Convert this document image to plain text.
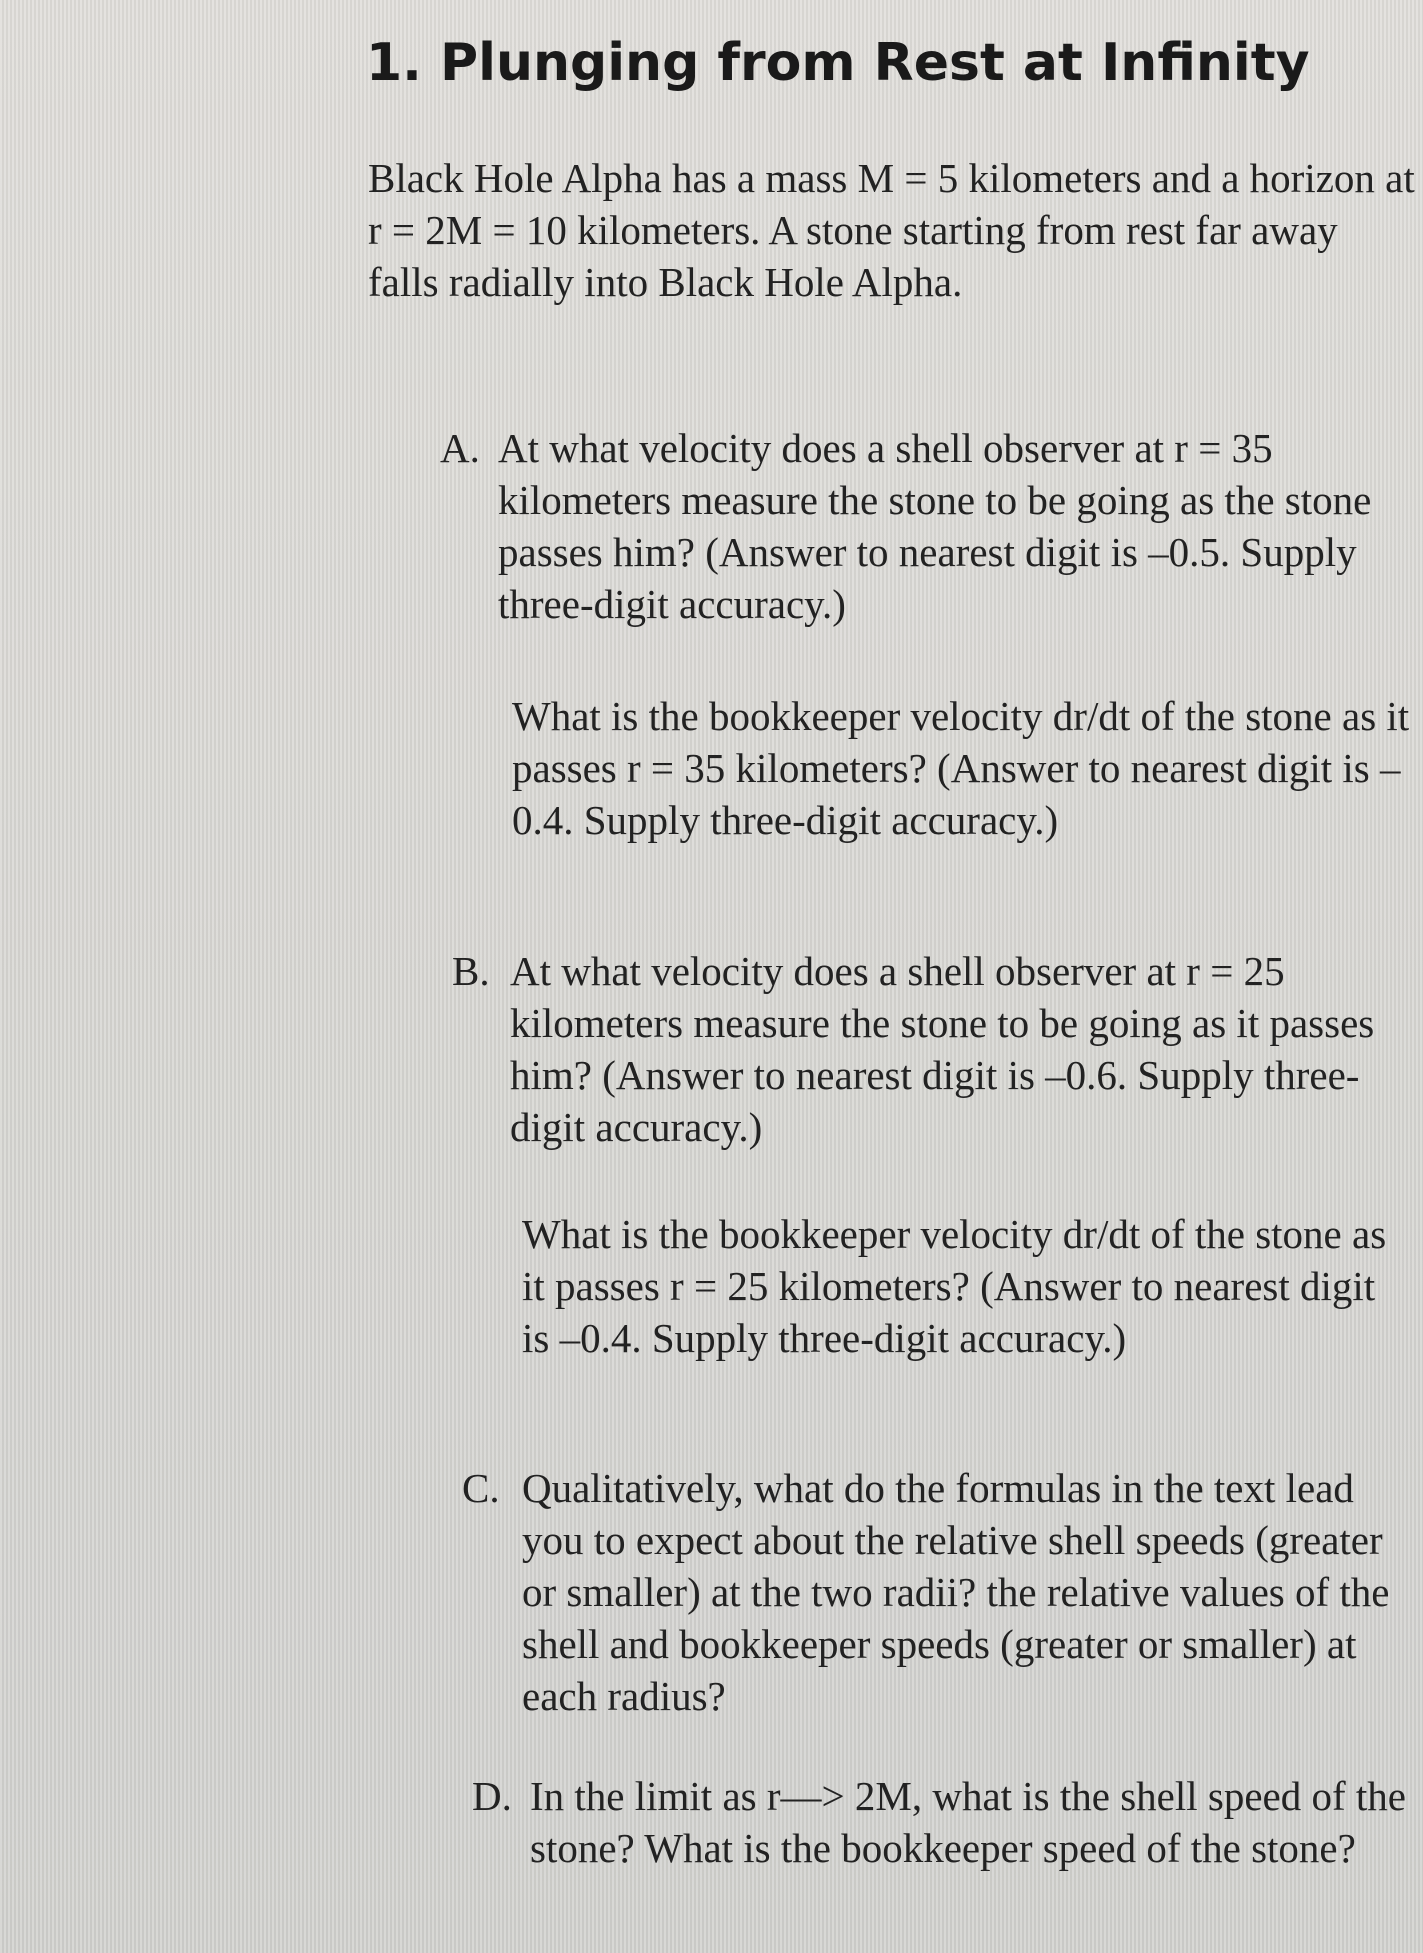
1. Plunging from Rest at Infinity

Black Hole Alpha has a mass M = 5 kilometers and a horizon at r = 2M = 10 kilometers. A stone starting from rest far away falls radially into Black Hole Alpha.

A. At what velocity does a shell observer at r = 35 kilometers measure the stone to be going as the stone passes him? (Answer to nearest digit is –0.5. Supply three-digit accuracy.)

What is the bookkeeper velocity dr/dt of the stone as it passes r = 35 kilometers? (Answer to nearest digit is –0.4. Supply three-digit accuracy.)

B. At what velocity does a shell observer at r = 25 kilometers measure the stone to be going as it passes him? (Answer to nearest digit is –0.6. Supply three-digit accuracy.)

What is the bookkeeper velocity dr/dt of the stone as it passes r = 25 kilometers? (Answer to nearest digit is –0.4. Supply three-digit accuracy.)

C. Qualitatively, what do the formulas in the text lead you to expect about the relative shell speeds (greater or smaller) at the two radii? the relative values of the shell and bookkeeper speeds (greater or smaller) at each radius?

D. In the limit as r—> 2M, what is the shell speed of the stone? What is the bookkeeper speed of the stone?
